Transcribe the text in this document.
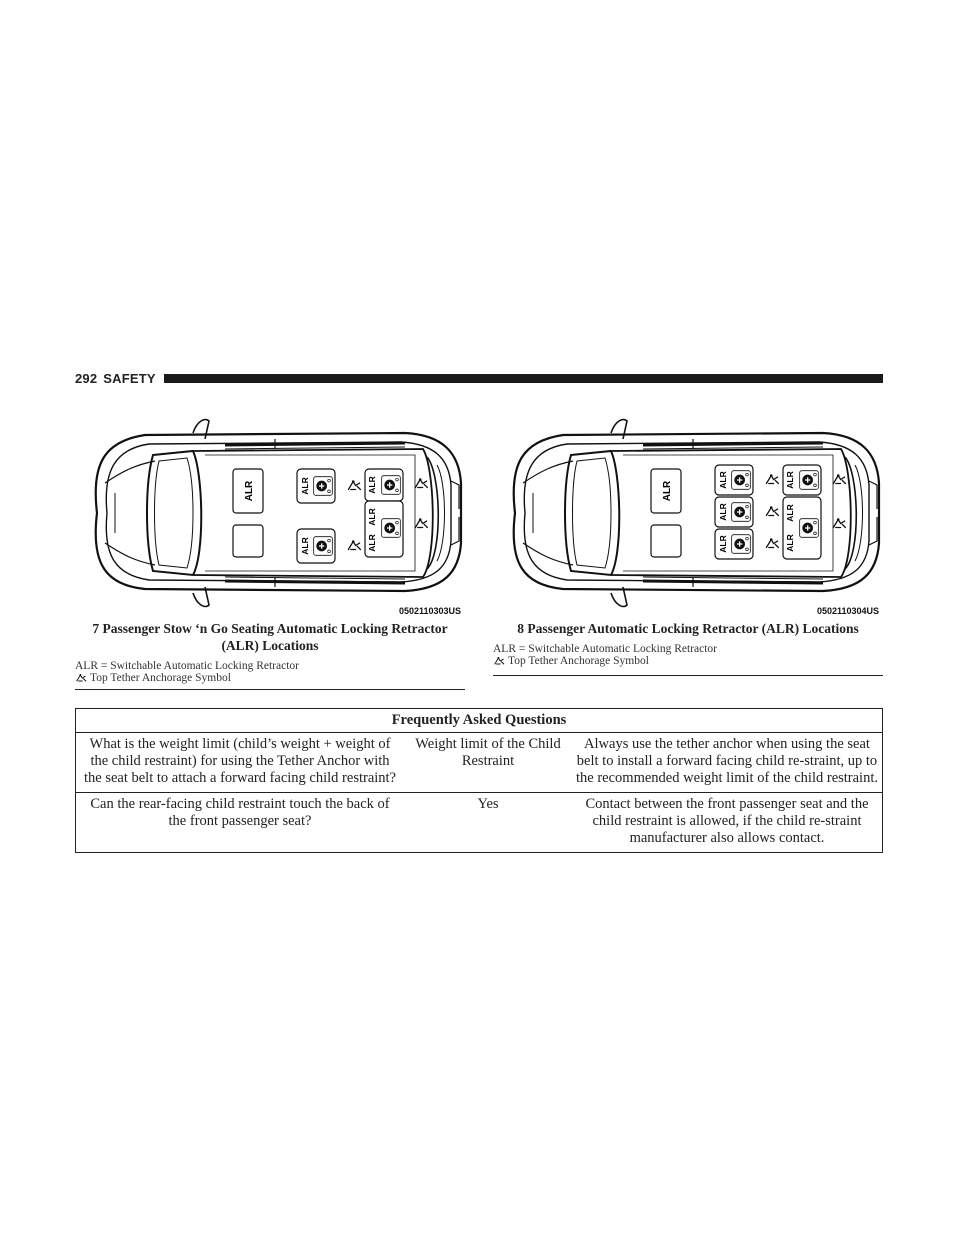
292 SAFETY
ALR	ALR
ALR
ALR
ALR
ALR
0502110303US
7 Passenger Stow ‘n Go Seating Automatic Locking Retractor (ALR) Locations
ALR = Switchable Automatic Locking Retractor
Top Tether Anchorage Symbol
ALR
ALR
ALR
ALR
ALR
ALR
ALR
0502110304US
8 Passenger Automatic Locking Retractor (ALR) Locations
ALR = Switchable Automatic Locking Retractor
Top Tether Anchorage Symbol
Frequently Asked Questions		
What is the weight limit (child’s weight + weight of the child restraint) for using the Tether Anchor with the seat belt to attach a forward facing child restraint?	Weight limit of the Child Restraint	Always use the tether anchor when using the seat belt to install a forward facing child re-straint, up to the recommended weight limit of the child restraint.
Can the rear-facing child restraint touch the back of the front passenger seat?	Yes	Contact between the front passenger seat and the child restraint is allowed, if the child re-straint manufacturer also allows contact.
